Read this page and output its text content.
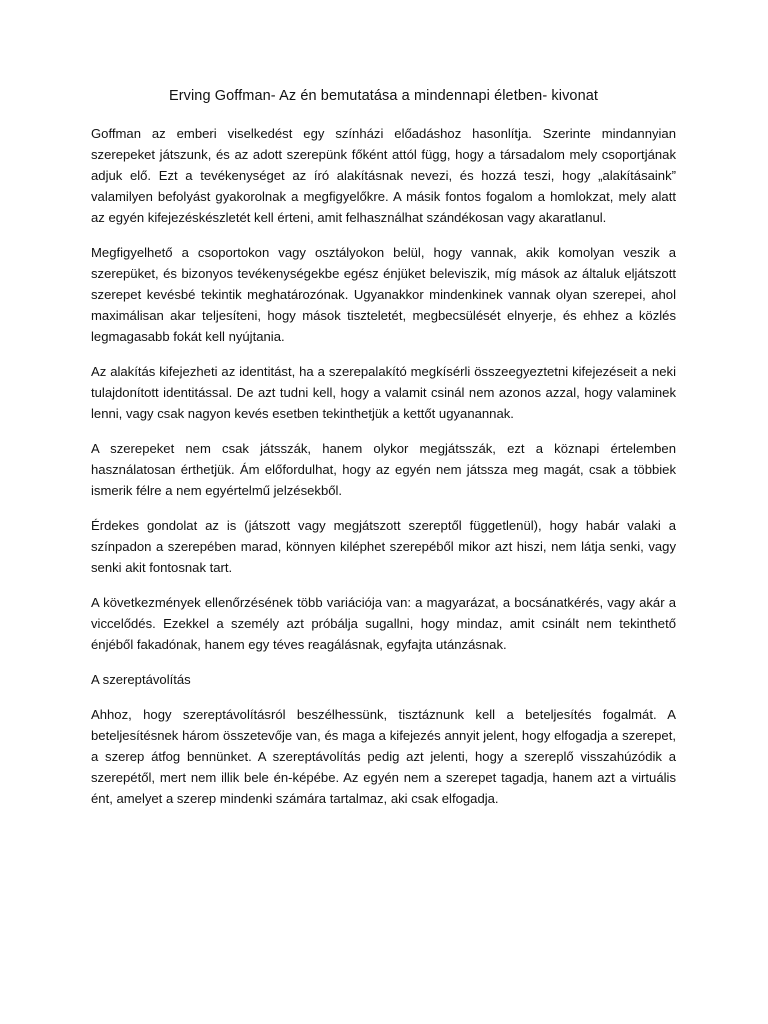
Erving Goffman- Az én bemutatása a mindennapi életben- kivonat

Goffman az emberi viselkedést egy színházi előadáshoz hasonlítja. Szerinte mindannyian szerepeket játszunk, és az adott szerepünk főként attól függ, hogy a társadalom mely csoportjának adjuk elő. Ezt a tevékenységet az író alakításnak nevezi, és hozzá teszi, hogy „alakításaink” valamilyen befolyást gyakorolnak a megfigyelőkre. A másik fontos fogalom a homlokzat, mely alatt az egyén kifejezéskészletét kell érteni, amit felhasználhat szándékosan vagy akaratlanul.

Megfigyelhető a csoportokon vagy osztályokon belül, hogy vannak, akik komolyan veszik a szerepüket, és bizonyos tevékenységekbe egész énjüket beleviszik, míg mások az általuk eljátszott szerepet kevésbé tekintik meghatározónak. Ugyanakkor mindenkinek vannak olyan szerepei, ahol maximálisan akar teljesíteni, hogy mások tiszteletét, megbecsülését elnyerje, és ehhez a közlés legmagasabb fokát kell nyújtania.

Az alakítás kifejezheti az identitást, ha a szerepalakító megkísérli összeegyeztetni kifejezéseit a neki tulajdonított identitással. De azt tudni kell, hogy a valamit csinál nem azonos azzal, hogy valaminek lenni, vagy csak nagyon kevés esetben tekinthetjük a kettőt ugyanannak.

A szerepeket nem csak játsszák, hanem olykor megjátsszák, ezt a köznapi értelemben használatosan érthetjük. Ám előfordulhat, hogy az egyén nem játssza meg magát, csak a többiek ismerik félre a nem egyértelmű jelzésekből.

Érdekes gondolat az is (játszott vagy megjátszott szereptől függetlenül), hogy habár valaki a színpadon a szerepében marad, könnyen kiléphet szerepéből mikor azt hiszi, nem látja senki, vagy senki akit fontosnak tart.

A következmények ellenőrzésének több variációja van: a magyarázat, a bocsánatkérés, vagy akár a viccelődés. Ezekkel a személy azt próbálja sugallni, hogy mindaz, amit csinált nem tekinthető énjéből fakadónak, hanem egy téves reagálásnak, egyfajta utánzásnak.

A szereptávolítás

Ahhoz, hogy szereptávolításról beszélhessünk, tisztáznunk kell a beteljesítés fogalmát. A beteljesítésnek három összetevője van, és maga a kifejezés annyit jelent, hogy elfogadja a szerepet, a szerep átfog bennünket. A szereptávolítás pedig azt jelenti, hogy a szereplő visszahúzódik a szerepétől, mert nem illik bele én-képébe. Az egyén nem a szerepet tagadja, hanem azt a virtuális ént, amelyet a szerep mindenki számára tartalmaz, aki csak elfogadja.
